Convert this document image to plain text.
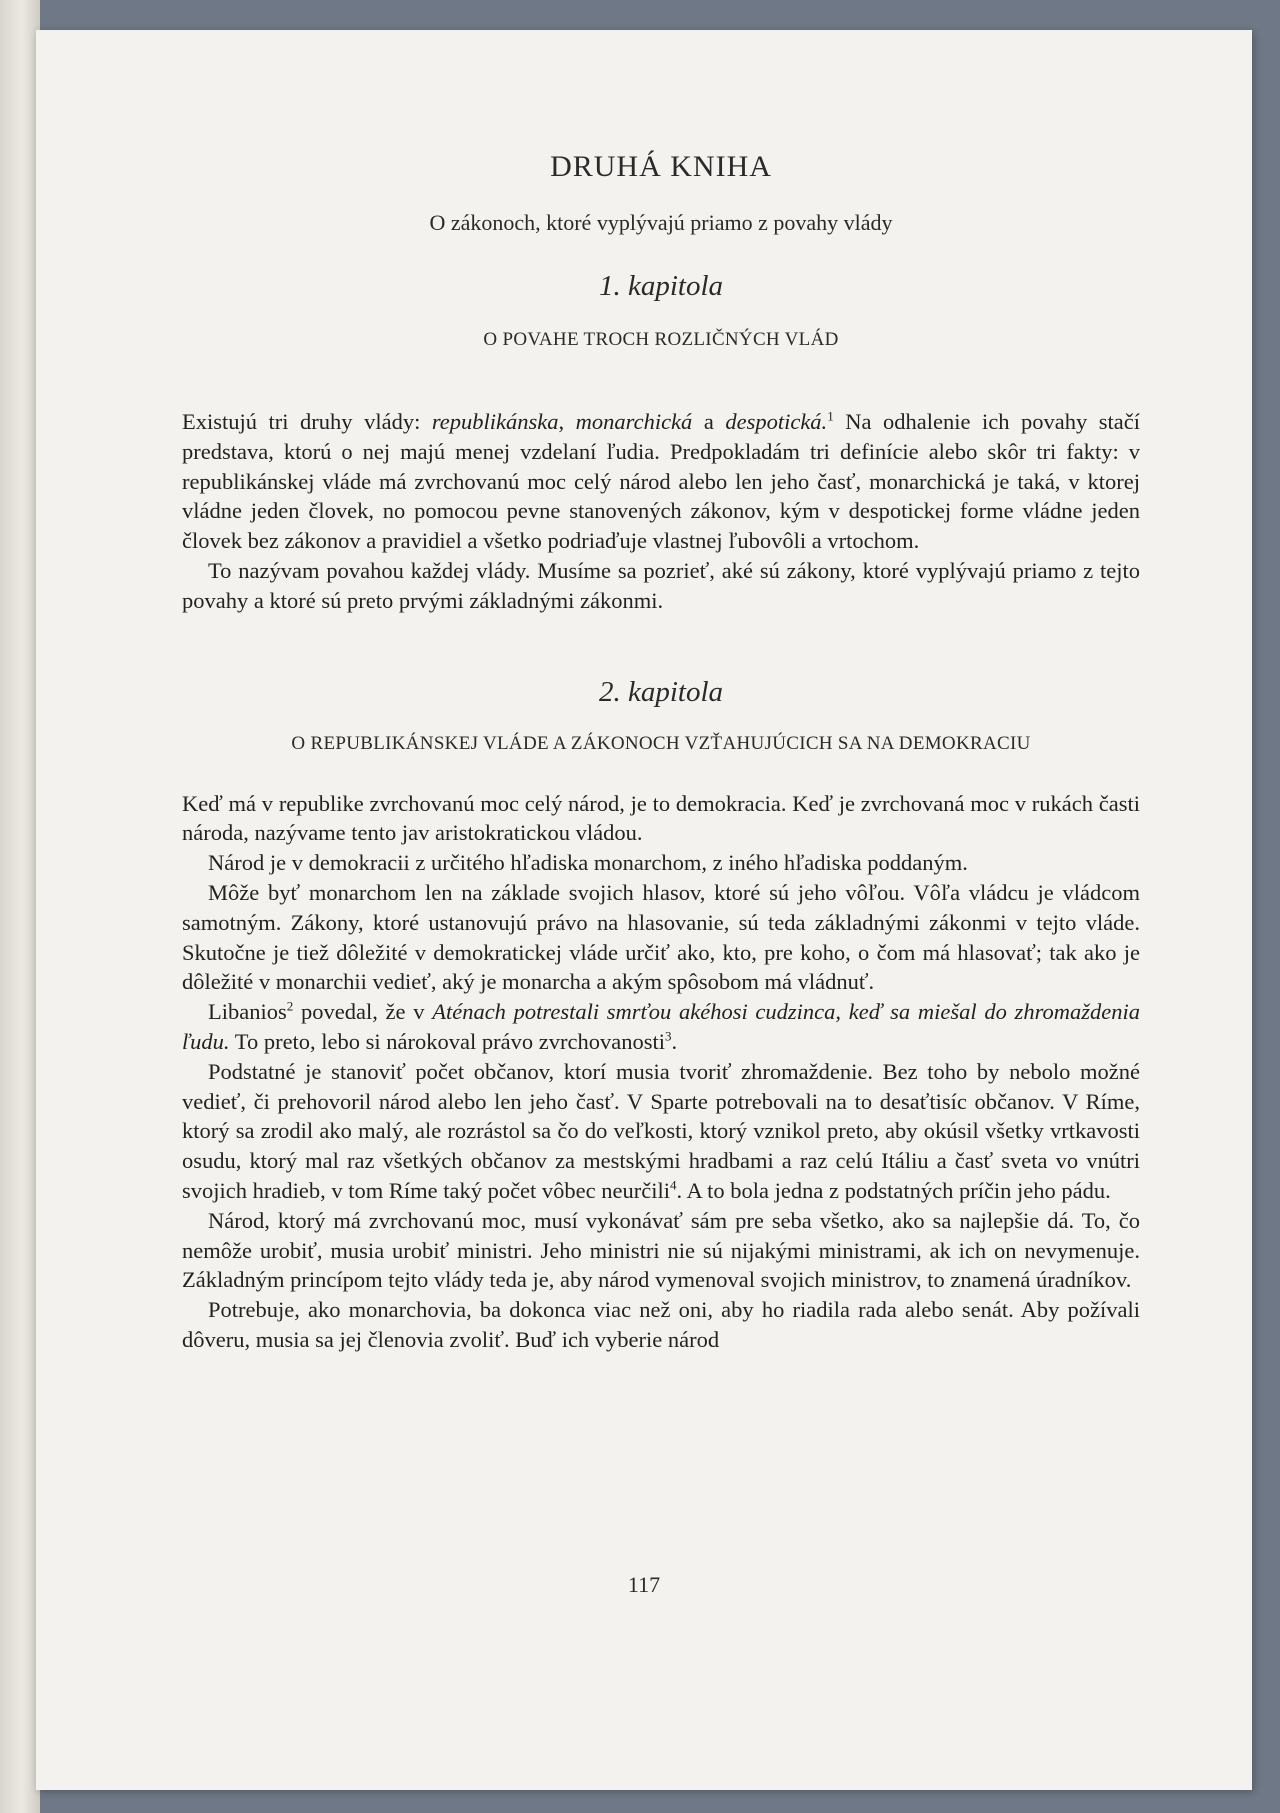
DRUHÁ KNIHA
O zákonoch, ktoré vyplývajú priamo z povahy vlády
1. kapitola
O POVAHE TROCH ROZLIČNÝCH VLÁD

Existujú tri druhy vlády: republikánska, monarchická a despotická.$^1$ Na odhalenie ich povahy stačí predstava, ktorú o nej majú menej vzdelaní ľudia. Predpokladám tri definície alebo skôr tri fakty: v republikánskej vláde má zvrchovanú moc celý národ alebo len jeho časť, monarchická je taká, v ktorej vládne jeden človek, no pomocou pevne stanovených zákonov, kým v despotickej forme vládne jeden človek bez zákonov a pravidiel a všetko podriaďuje vlastnej ľubovôli a vrtochom.

To nazývam povahou každej vlády. Musíme sa pozrieť, aké sú zákony, ktoré vyplývajú priamo z tejto povahy a ktoré sú preto prvými základnými zákonmi.

2. kapitola
O REPUBLIKÁNSKEJ VLÁDE A ZÁKONOCH VZŤAHUJÚCICH SA NA DEMOKRACIU

Keď má v republike zvrchovanú moc celý národ, je to demokracia. Keď je zvrchovaná moc v rukách časti národa, nazývame tento jav aristokratickou vládou.

Národ je v demokracii z určitého hľadiska monarchom, z iného hľadiska poddaným.

Môže byť monarchom len na základe svojich hlasov, ktoré sú jeho vôľou. Vôľa vládcu je vládcom samotným. Zákony, ktoré ustanovujú právo na hlasovanie, sú teda základnými zákonmi v tejto vláde. Skutočne je tiež dôležité v demokratickej vláde určiť ako, kto, pre koho, o čom má hlasovať; tak ako je dôležité v monarchii vedieť, aký je monarcha a akým spôsobom má vládnuť.

Libanios$^2$ povedal, že v Aténach potrestali smrťou akéhosi cudzinca, keď sa miešal do zhromaždenia ľudu. To preto, lebo si nárokoval právo zvrchovanosti$^3$.

Podstatné je stanoviť počet občanov, ktorí musia tvoriť zhromaždenie. Bez toho by nebolo možné vedieť, či prehovoril národ alebo len jeho časť. V Sparte potrebovali na to desaťtisíc občanov. V Ríme, ktorý sa zrodil ako malý, ale rozrástol sa čo do veľkosti, ktorý vznikol preto, aby okúsil všetky vrtkavosti osudu, ktorý mal raz všetkých občanov za mestskými hradbami a raz celú Itáliu a časť sveta vo vnútri svojich hradieb, v tom Ríme taký počet vôbec neurčili$^4$. A to bola jedna z podstatných príčin jeho pádu.

Národ, ktorý má zvrchovanú moc, musí vykonávať sám pre seba všetko, ako sa najlepšie dá. To, čo nemôže urobiť, musia urobiť ministri. Jeho ministri nie sú nijakými ministrami, ak ich on nevymenuje. Základným princípom tejto vlády teda je, aby národ vymenoval svojich ministrov, to znamená úradníkov.

Potrebuje, ako monarchovia, ba dokonca viac než oni, aby ho riadila rada alebo senát. Aby požívali dôveru, musia sa jej členovia zvoliť. Buď ich vyberie národ

117
